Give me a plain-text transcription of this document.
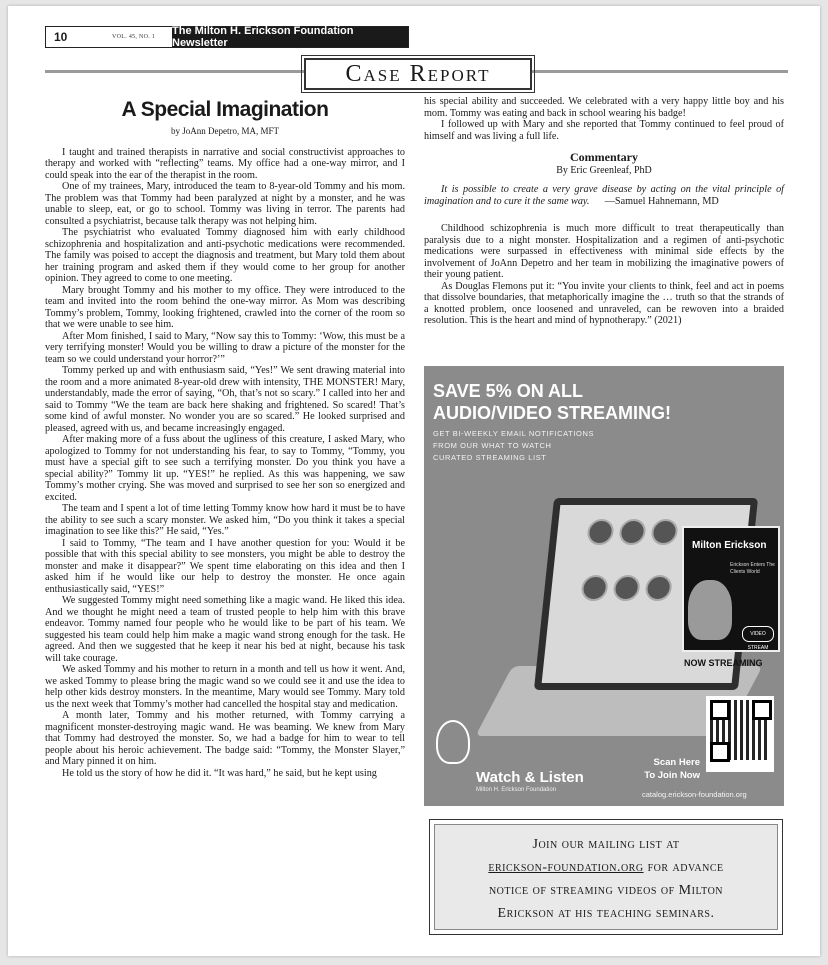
10	VOL. 45, NO. 1	The Milton H. Erickson Foundation Newsletter
Case Report
A Special Imagination
by JoAnn Depetro, MA, MFT

I taught and trained therapists in narrative and social constructivist approaches to therapy and worked with “reflecting” teams. My office had a one-way mirror, and I could speak into the ear of the therapist in the room.

One of my trainees, Mary, introduced the team to 8-year-old Tommy and his mom. The problem was that Tommy had been paralyzed at night by a monster, and he was unable to sleep, eat, or go to school. Tommy was living in terror. The parents had consulted a psychiatrist, because talk therapy was not helping him.

The psychiatrist who evaluated Tommy diagnosed him with early childhood schizophrenia and hospitalization and anti-psychotic medications were recommended. The family was poised to accept the diagnosis and treatment, but Mary told them about her training program and asked them if they would come to her group for another opinion. They agreed to come to one meeting.

Mary brought Tommy and his mother to my office. They were introduced to the team and invited into the room behind the one-way mirror. As Mom was describing Tommy’s problem, Tommy, looking frightened, crawled into the corner of the room so that we were unable to see him.

After Mom finished, I said to Mary, “Now say this to Tommy: ‘Wow, this must be a very terrifying monster! Would you be willing to draw a picture of the monster for the team so we could understand your horror?’”

Tommy perked up and with enthusiasm said, “Yes!” We sent drawing material into the room and a more animated 8-year-old drew with intensity, THE MONSTER! Mary, understandably, made the error of saying, “Oh, that’s not so scary.” I called into her and said to Tommy “We the team are back here shaking and frightened. So scared! That’s some kind of awful monster. No wonder you are so scared.” He looked surprised and pleased, agreed with us, and became increasingly engaged.

After making more of a fuss about the ugliness of this creature, I asked Mary, who apologized to Tommy for not understanding his fear, to say to Tommy, “Tommy, you must have a special gift to see such a terrifying monster. Do you think you have a special ability?” Tommy lit up. “YES!” he replied. As this was happening, we saw Tommy’s mother crying. She was moved and surprised to see her son so energized and excited.

The team and I spent a lot of time letting Tommy know how hard it must be to have the ability to see such a scary monster. We asked him, “Do you think it takes a special imagination to see like this?” He said, “Yes.”

I said to Tommy, “The team and I have another question for you: Would it be possible that with this special ability to see monsters, you might be able to destroy the monster and make it disappear?” We spent time elaborating on this idea and then I asked him if he would like our help to destroy the monster. He once again enthusiastically said, “YES!”

We suggested Tommy might need something like a magic wand. He liked this idea. And we thought he might need a team of trusted people to help him with this brave endeavor. Tommy named four people who he would like to be part of his team. We suggested his team could help him make a magic wand strong enough for the task. He agreed. And then we suggested that he keep it near his bed at night, because his task will take courage.

We asked Tommy and his mother to return in a month and tell us how it went. And, we asked Tommy to please bring the magic wand so we could see it and use the idea to help other kids destroy monsters. In the meantime, Mary would see Tommy. Mary told us the next week that Tommy’s mother had cancelled the hospital stay and medication.

A month later, Tommy and his mother returned, with Tommy carrying a magnificent monster-destroying magic wand. He was beaming. We knew from Mary that Tommy had destroyed the monster. So, we had a badge for him to wear to tell people about his heroic achievement. The badge said: “Tommy, the Monster Slayer,” and Mary pinned it on him.

He told us the story of how he did it. “It was hard,” he said, but he kept using

his special ability and succeeded. We celebrated with a very happy little boy and his mom. Tommy was eating and back in school wearing his badge!

I followed up with Mary and she reported that Tommy continued to feel proud of himself and was living a full life.

Commentary
By Eric Greenleaf, PhD

It is possible to create a very grave disease by acting on the vital principle of imagination and to cure it the same way. —Samuel Hahnemann, MD

Childhood schizophrenia is much more difficult to treat therapeutically than paralysis due to a night monster. Hospitalization and a regimen of anti-psychotic medications were surpassed in effectiveness with minimal side effects by the involvement of JoAnn Depetro and her team in mobilizing the imaginative powers of their young patient.

As Douglas Flemons put it: “You invite your clients to think, feel and act in poems that dissolve boundaries, that metaphorically imagine the … truth so that the strands of a knotted problem, once loosened and unraveled, can be rewoven into a braided resolution. This is the heart and mind of hypnotherapy.” (2021)

SAVE 5% ON ALL
AUDIO/VIDEO STREAMING!
GET BI-WEEKLY EMAIL NOTIFICATIONS
FROM OUR WHAT TO WATCH
CURATED STREAMING LIST
Milton Erickson
Erickson Enters The Clients World
VIDEO STREAM
NOW STREAMING
Watch & Listen
Milton H. Erickson Foundation
Scan Here
To Join Now
catalog.erickson-foundation.org
Join our mailing list at
erickson-foundation.org for advance
notice of streaming videos of Milton
Erickson at his teaching seminars.
